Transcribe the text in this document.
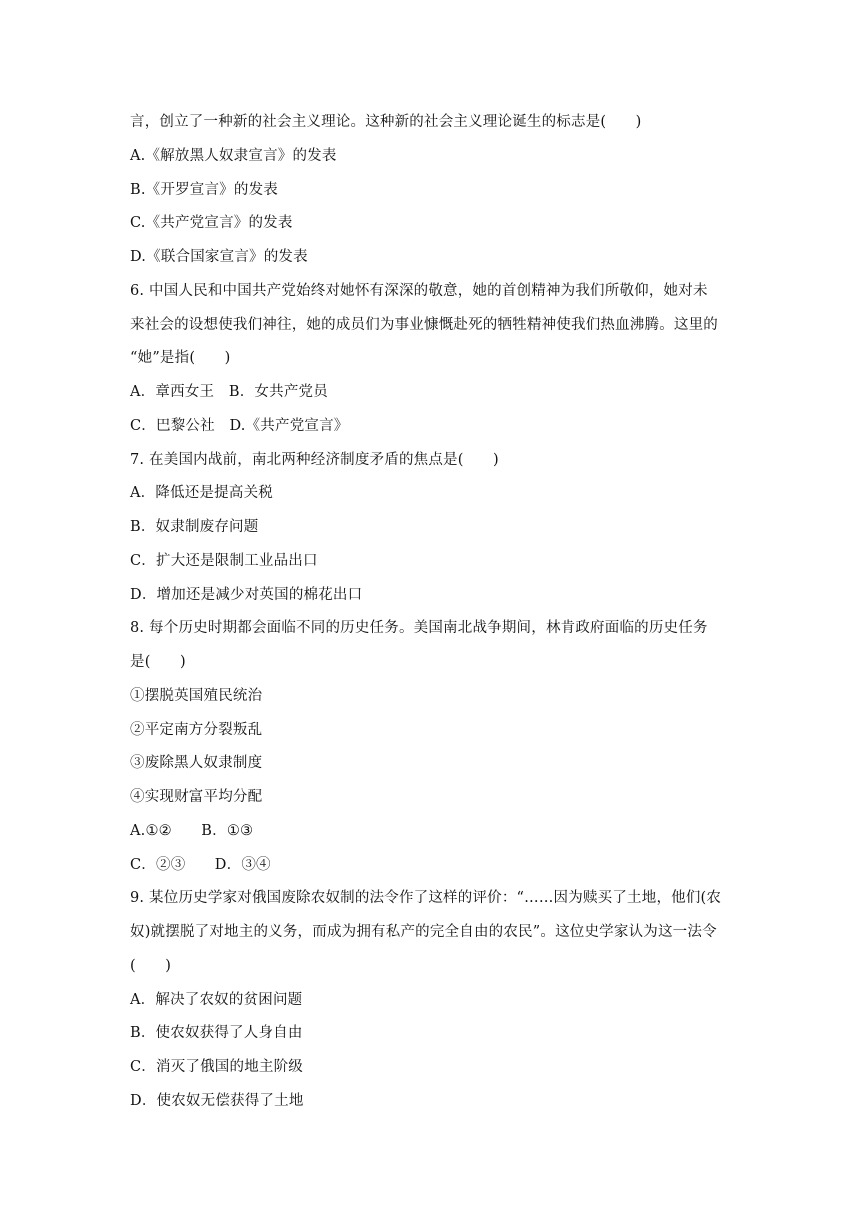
言，创立了一种新的社会主义理论。这种新的社会主义理论诞生的标志是(　　)
A.《解放黑人奴隶宣言》的发表
B.《开罗宣言》的发表
C.《共产党宣言》的发表
D.《联合国家宣言》的发表
6. 中国人民和中国共产党始终对她怀有深深的敬意，她的首创精神为我们所敬仰，她对未
来社会的设想使我们神往，她的成员们为事业慷慨赴死的牺牲精神使我们热血沸腾。这里的
“她”是指(　　)
A．章西女王　B．女共产党员
C．巴黎公社　D.《共产党宣言》
7. 在美国内战前，南北两种经济制度矛盾的焦点是(　　)
A．降低还是提高关税
B．奴隶制废存问题
C．扩大还是限制工业品出口
D．增加还是减少对英国的棉花出口
8. 每个历史时期都会面临不同的历史任务。美国南北战争期间，林肯政府面临的历史任务
是(　　)
①摆脱英国殖民统治
②平定南方分裂叛乱
③废除黑人奴隶制度
④实现财富平均分配
A.①②　　B．①③
C．②③　　D．③④
9. 某位历史学家对俄国废除农奴制的法令作了这样的评价：“……因为赎买了土地，他们(农
奴)就摆脱了对地主的义务，而成为拥有私产的完全自由的农民”。这位史学家认为这一法令
(　　)
A．解决了农奴的贫困问题
B．使农奴获得了人身自由
C．消灭了俄国的地主阶级
D．使农奴无偿获得了土地
